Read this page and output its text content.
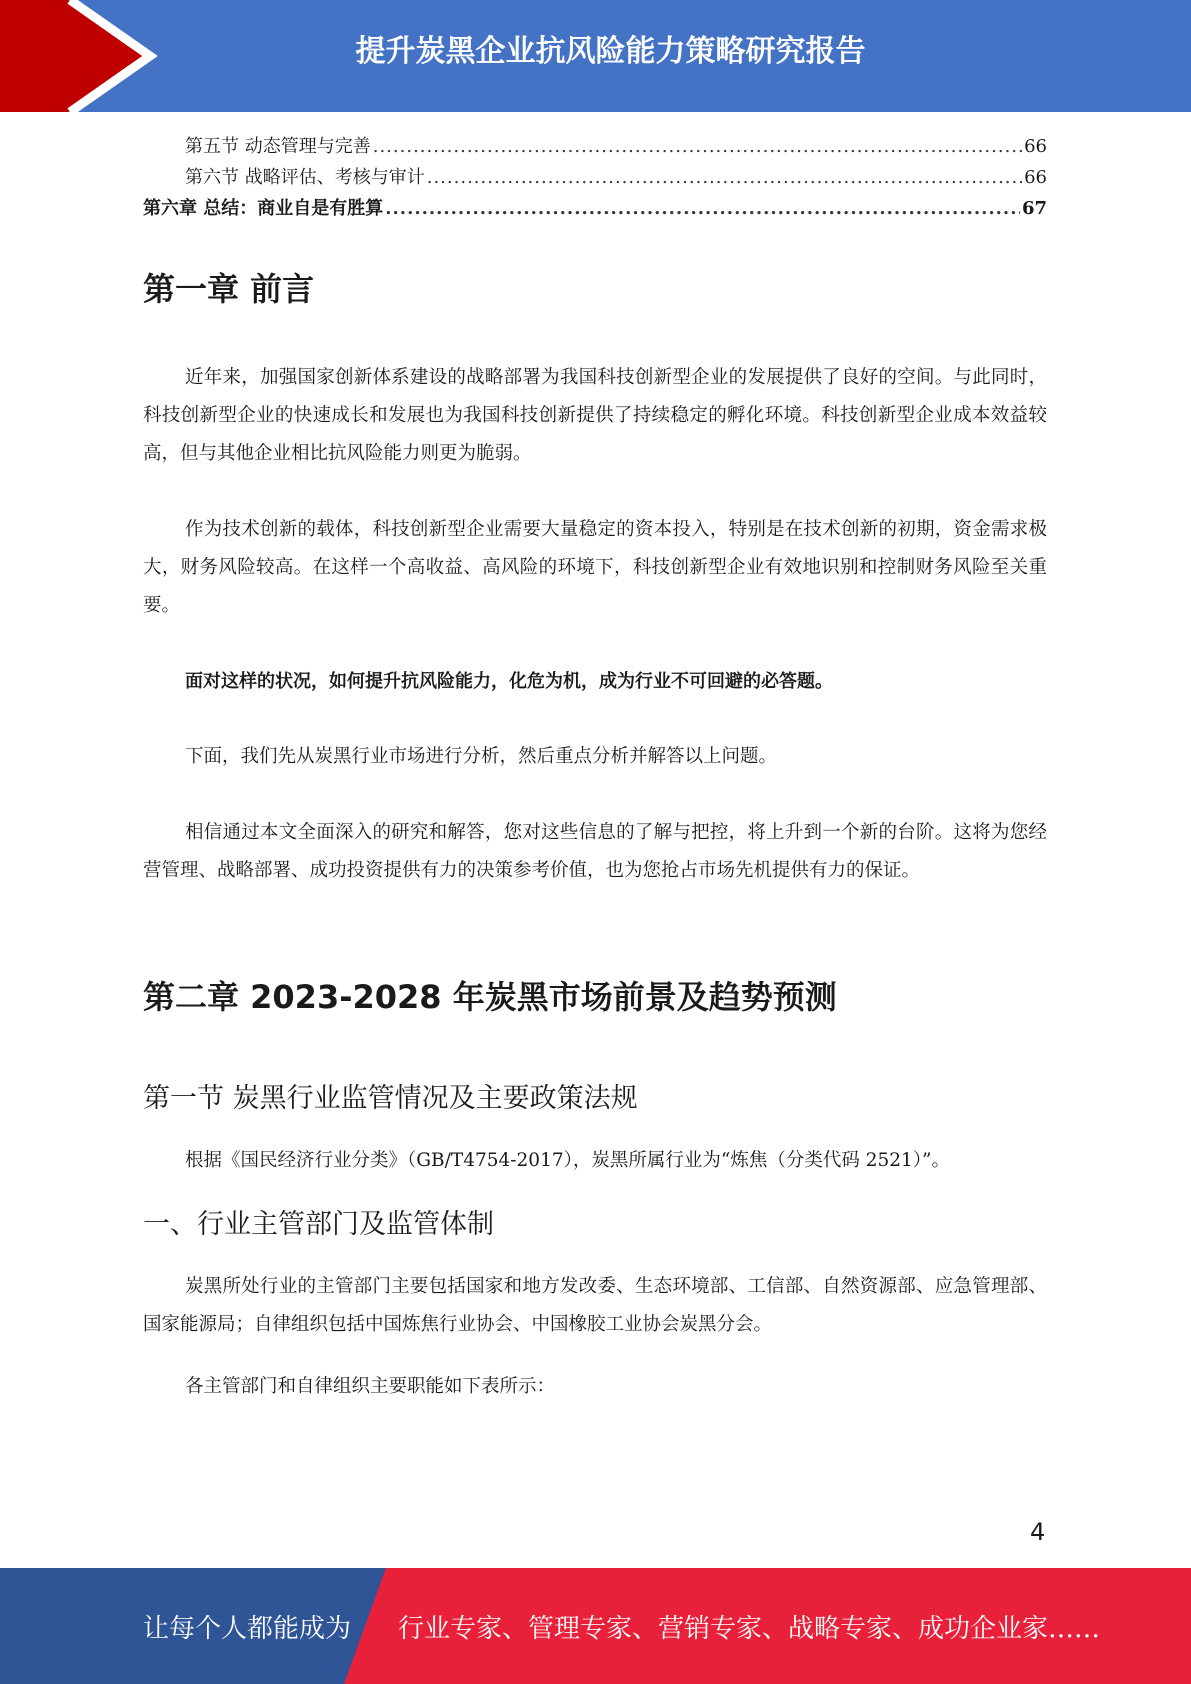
提升炭黑企业抗风险能力策略研究报告
第五节 动态管理与完善 .....	66
第六节 战略评估、考核与审计 .....	66
第六章 总结：商业自是有胜算 .....	67
第一章 前言
近年来，加强国家创新体系建设的战略部署为我国科技创新型企业的发展提供了良好的空间。与此同时，科技创新型企业的快速成长和发展也为我国科技创新提供了持续稳定的孵化环境。科技创新型企业成本效益较高，但与其他企业相比抗风险能力则更为脆弱。
作为技术创新的载体，科技创新型企业需要大量稳定的资本投入，特别是在技术创新的初期，资金需求极大，财务风险较高。在这样一个高收益、高风险的环境下，科技创新型企业有效地识别和控制财务风险至关重要。
面对这样的状况，如何提升抗风险能力，化危为机，成为行业不可回避的必答题。
下面，我们先从炭黑行业市场进行分析，然后重点分析并解答以上问题。
相信通过本文全面深入的研究和解答，您对这些信息的了解与把控，将上升到一个新的台阶。这将为您经营管理、战略部署、成功投资提供有力的决策参考价值，也为您抢占市场先机提供有力的保证。
第二章 2023-2028 年炭黑市场前景及趋势预测
第一节 炭黑行业监管情况及主要政策法规
根据《国民经济行业分类》（GB/T4754-2017），炭黑所属行业为“炼焦（分类代码 2521）”。
一、行业主管部门及监管体制
炭黑所处行业的主管部门主要包括国家和地方发改委、生态环境部、工信部、自然资源部、应急管理部、国家能源局；自律组织包括中国炼焦行业协会、中国橡胶工业协会炭黑分会。
各主管部门和自律组织主要职能如下表所示：
4
让每个人都能成为 行业专家、管理专家、营销专家、战略专家、成功企业家……
